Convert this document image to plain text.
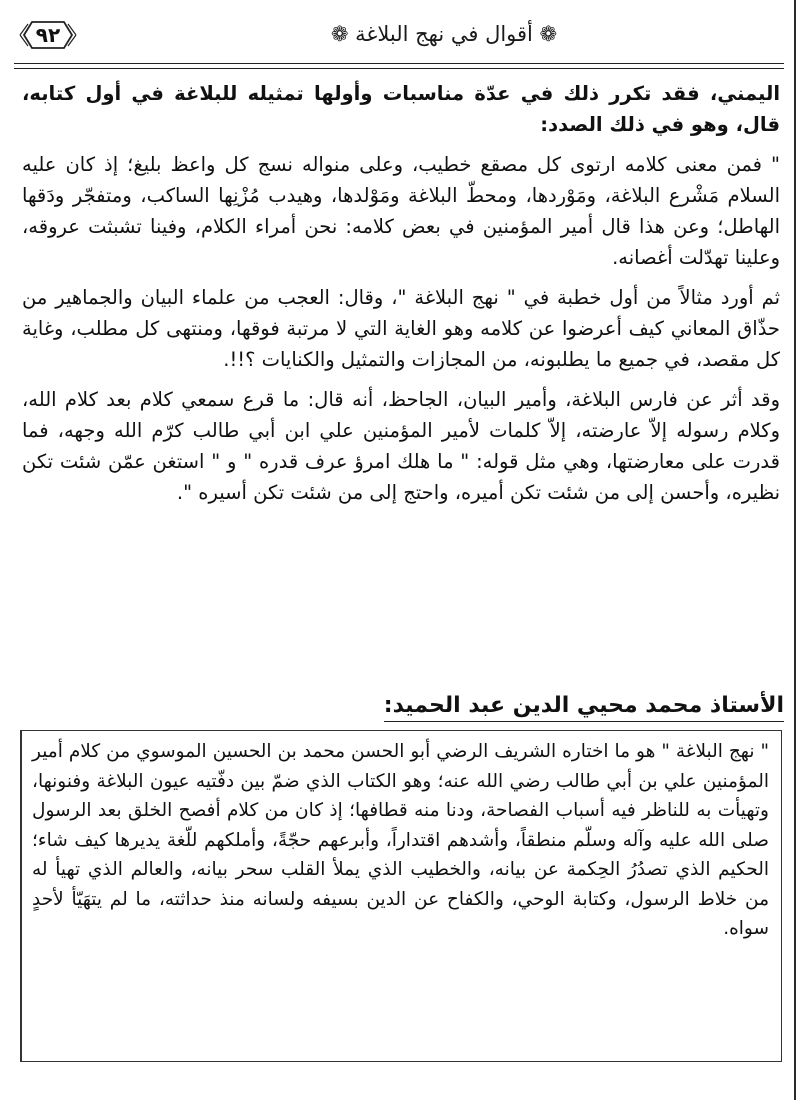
❁ أقوال في نهج البلاغة ❁
٩٢

اليمني، فقد تكرر ذلك في عدّة مناسبات وأولها تمثيله للبلاغة في أول كتابه، قال، وهو في ذلك الصدد:

" فمن معنى كلامه ارتوى كل مصقع خطيب، وعلى منواله نسج كل واعظ بليغ؛ إذ كان عليه السلام مَشْرع البلاغة، ومَوْردها، ومحطّ البلاغة ومَوْلدها، وهيدب مُزْنِها الساكب، ومتفجّر ودَقها الهاطل؛ وعن هذا قال أمير المؤمنين في بعض كلامه: نحن أمراء الكلام، وفينا تشبثت عروقه، وعلينا تهدّلت أغصانه.

ثم أورد مثالاً من أول خطبة في " نهج البلاغة "، وقال: العجب من علماء البيان والجماهير من حذّاق المعاني كيف أعرضوا عن كلامه وهو الغاية التي لا مرتبة فوقها، ومنتهى كل مطلب، وغاية كل مقصد، في جميع ما يطلبونه، من المجازات والتمثيل والكنايات ؟!!.

وقد أثر عن فارس البلاغة، وأمير البيان، الجاحظ، أنه قال: ما قرع سمعي كلام بعد كلام الله، وكلام رسوله إلاّ عارضته، إلاّ كلمات لأمير المؤمنين علي ابن أبي طالب كرّم الله وجهه، فما قدرت على معارضتها، وهي مثل قوله: " ما هلك امرؤ عرف قدره " و " استغن عمّن شئت تكن نظيره، وأحسن إلى من شئت تكن أميره، واحتج إلى من شئت تكن أسيره ".

الأستاذ محمد محيي الدين عبد الحميد:

" نهج البلاغة " هو ما اختاره الشريف الرضي أبو الحسن محمد بن الحسين الموسوي من كلام أمير المؤمنين علي بن أبي طالب رضي الله عنه؛ وهو الكتاب الذي ضمّ بين دفّتيه عيون البلاغة وفنونها، وتهيأت به للناظر فيه أسباب الفصاحة، ودنا منه قطافها؛ إذ كان من كلام أفصح الخلق بعد الرسول صلى الله عليه وآله وسلّم منطقاً، وأشدهم اقتداراً، وأبرعهم حجّةً، وأملكهم للّغة يديرها كيف شاء؛ الحكيم الذي تصدُرُ الحِكمة عن بيانه، والخطيب الذي يملأ القلب سحر بيانه، والعالم الذي تهيأ له من خلاط الرسول، وكتابة الوحي، والكفاح عن الدين بسيفه ولسانه منذ حداثته، ما لم يتهَيّأ لأحدٍ سواه.
